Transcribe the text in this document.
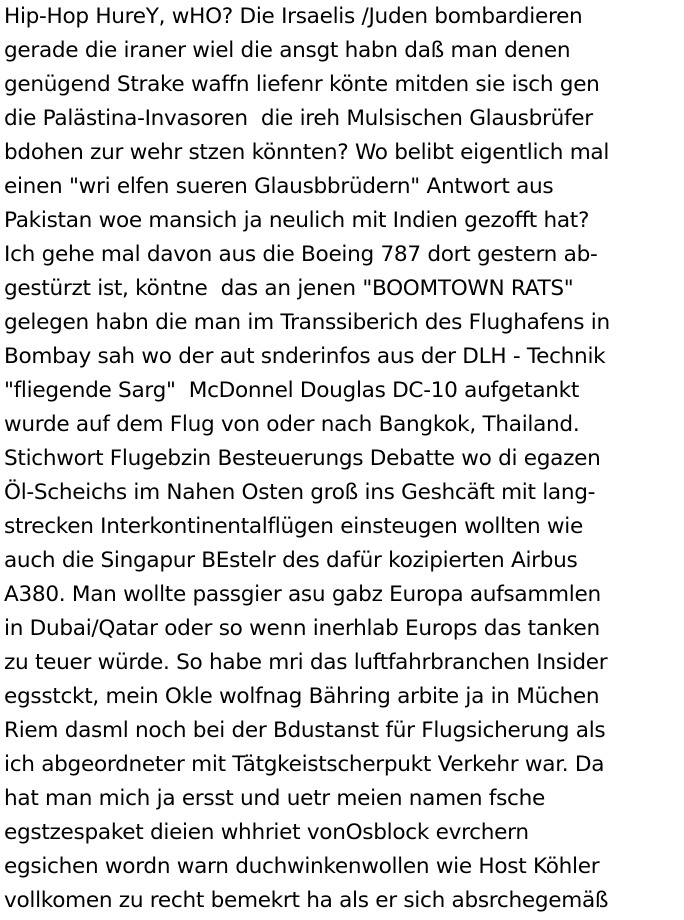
Hip-Hop HureY, wHO? Die Irsaelis /Juden bombardieren
gerade die iraner wiel die ansgt habn daß man denen
genügend Strake waffn liefenr könte mitden sie isch gen
die Palästina-Invasoren  die ireh Mulsischen Glausbrüfer
bdohen zur wehr stzen könnten? Wo belibt eigentlich mal
einen "wri elfen sueren Glausbbrüdern" Antwort aus
Pakistan woe mansich ja neulich mit Indien gezofft hat?
Ich gehe mal davon aus die Boeing 787 dort gestern ab-
gestürzt ist, köntne  das an jenen "BOOMTOWN RATS"
gelegen habn die man im Transsiberich des Flughafens in
Bombay sah wo der aut snderinfos aus der DLH - Technik
"fliegende Sarg"  McDonnel Douglas DC-10 aufgetankt
wurde auf dem Flug von oder nach Bangkok, Thailand.
Stichwort Flugebzin Besteuerungs Debatte wo di egazen
Öl-Scheichs im Nahen Osten groß ins Geshcäft mit lang-
strecken Interkontinentalflügen einsteugen wollten wie
auch die Singapur BEstelr des dafür kozipierten Airbus
A380. Man wollte passgier asu gabz Europa aufsammlen
in Dubai/Qatar oder so wenn inerhlab Europs das tanken
zu teuer würde. So habe mri das luftfahrbranchen Insider
egsstckt, mein Okle wolfnag Bähring arbite ja in Müchen
Riem dasml noch bei der Bdustanst für Flugsicherung als
ich abgeordneter mit Tätgkeistscherpukt Verkehr war. Da
hat man mich ja ersst und uetr meien namen fsche
egstzespaket dieien whhriet vonOsblock evrchern
egsichen wordn warn duchwinkenwollen wie Host Köhler
vollkomen zu recht bemekrt ha als er sich absrchegemäß
